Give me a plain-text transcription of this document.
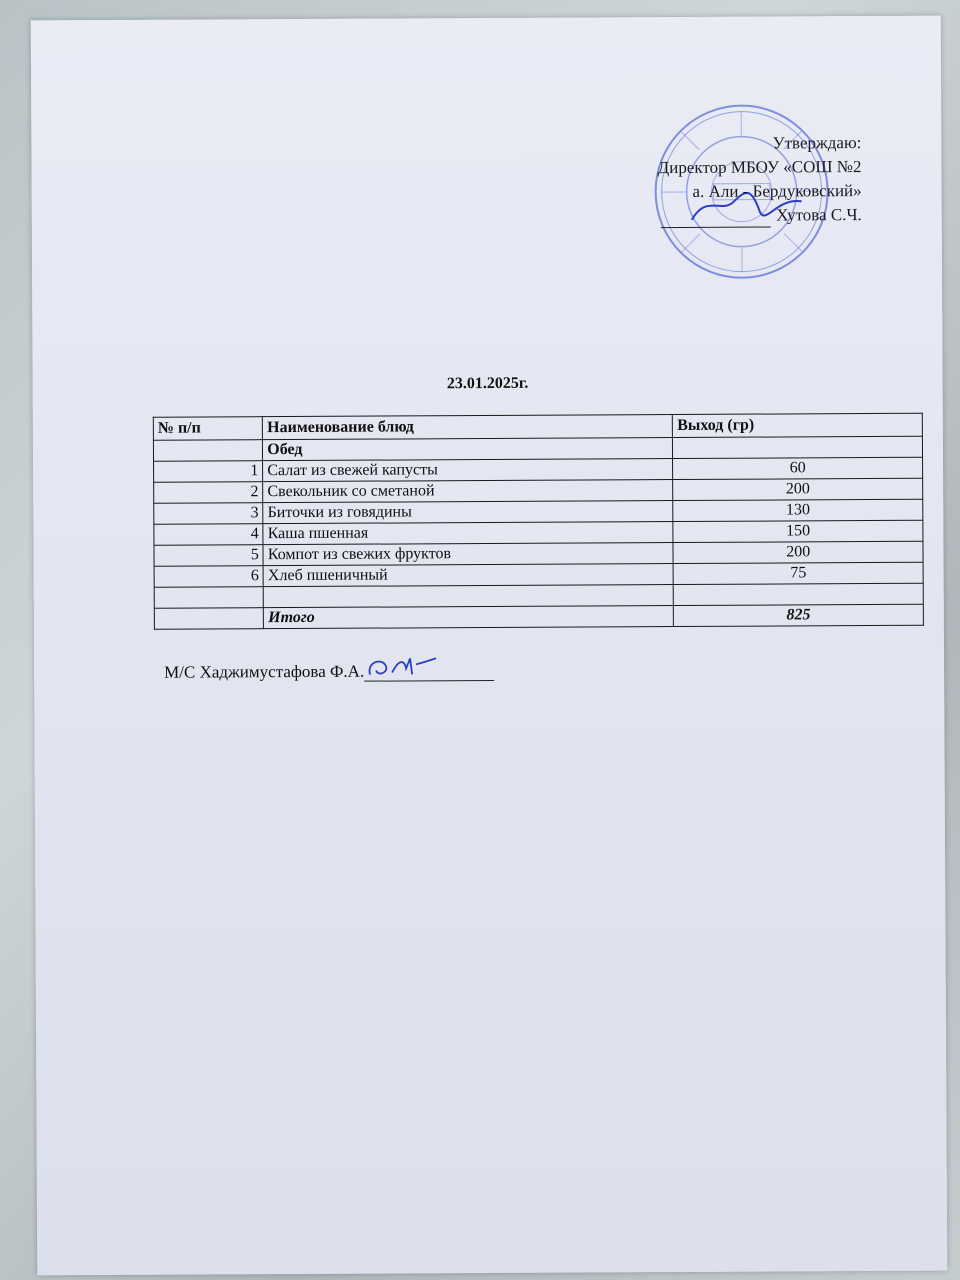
Утверждаю:
Директор МБОУ «СОШ №2
а. Али - Бердуковский»
Хутова С.Ч.
23.01.2025г.
№ п/п	Наименование блюд	Выход (гр)
	Обед	
1	Салат из свежей капусты	60
2	Свекольник со сметаной	200
3	Биточки из говядины	130
4	Каша пшенная	150
5	Компот из свежих фруктов	200
6	Хлеб пшеничный	75

	Итого	825
М/С Хаджимустафова Ф.А.
